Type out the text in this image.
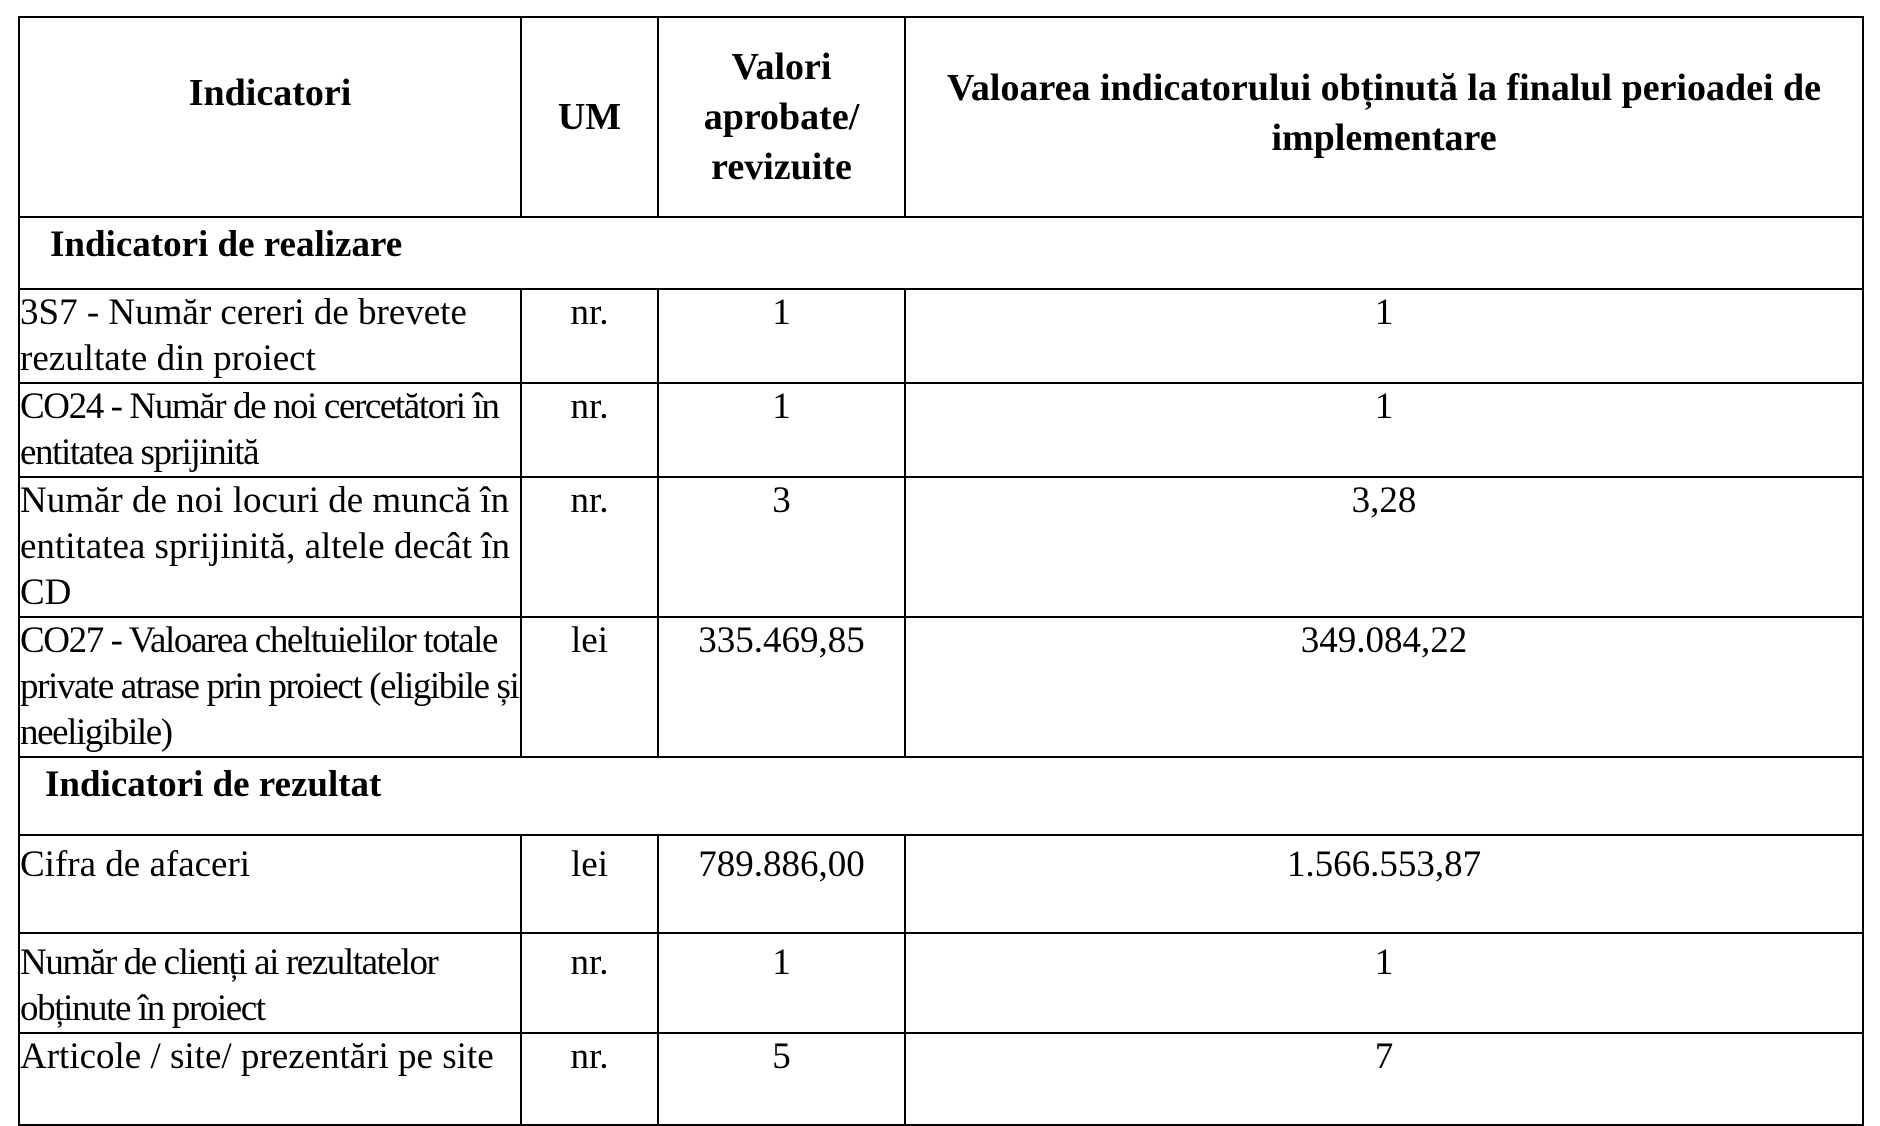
Indicatori	UM	Valori aprobate/ revizuite	Valoarea indicatorului obținută la finalul perioadei de implementare
Indicatori de realizare			
3S7 - Număr cereri de brevete rezultate din proiect	nr.	1	1
CO24 - Număr de noi cercetători în entitatea sprijinită	nr.	1	1
Număr de noi locuri de muncă în entitatea sprijinită, altele decât în CD	nr.	3	3,28
CO27 - Valoarea cheltuielilor totale private atrase prin proiect (eligibile și neeligibile)	lei	335.469,85	349.084,22
Indicatori de rezultat			
Cifra de afaceri	lei	789.886,00	1.566.553,87
Număr de clienți ai rezultatelor obținute în proiect	nr.	1	1
Articole / site/ prezentări pe site	nr.	5	7
